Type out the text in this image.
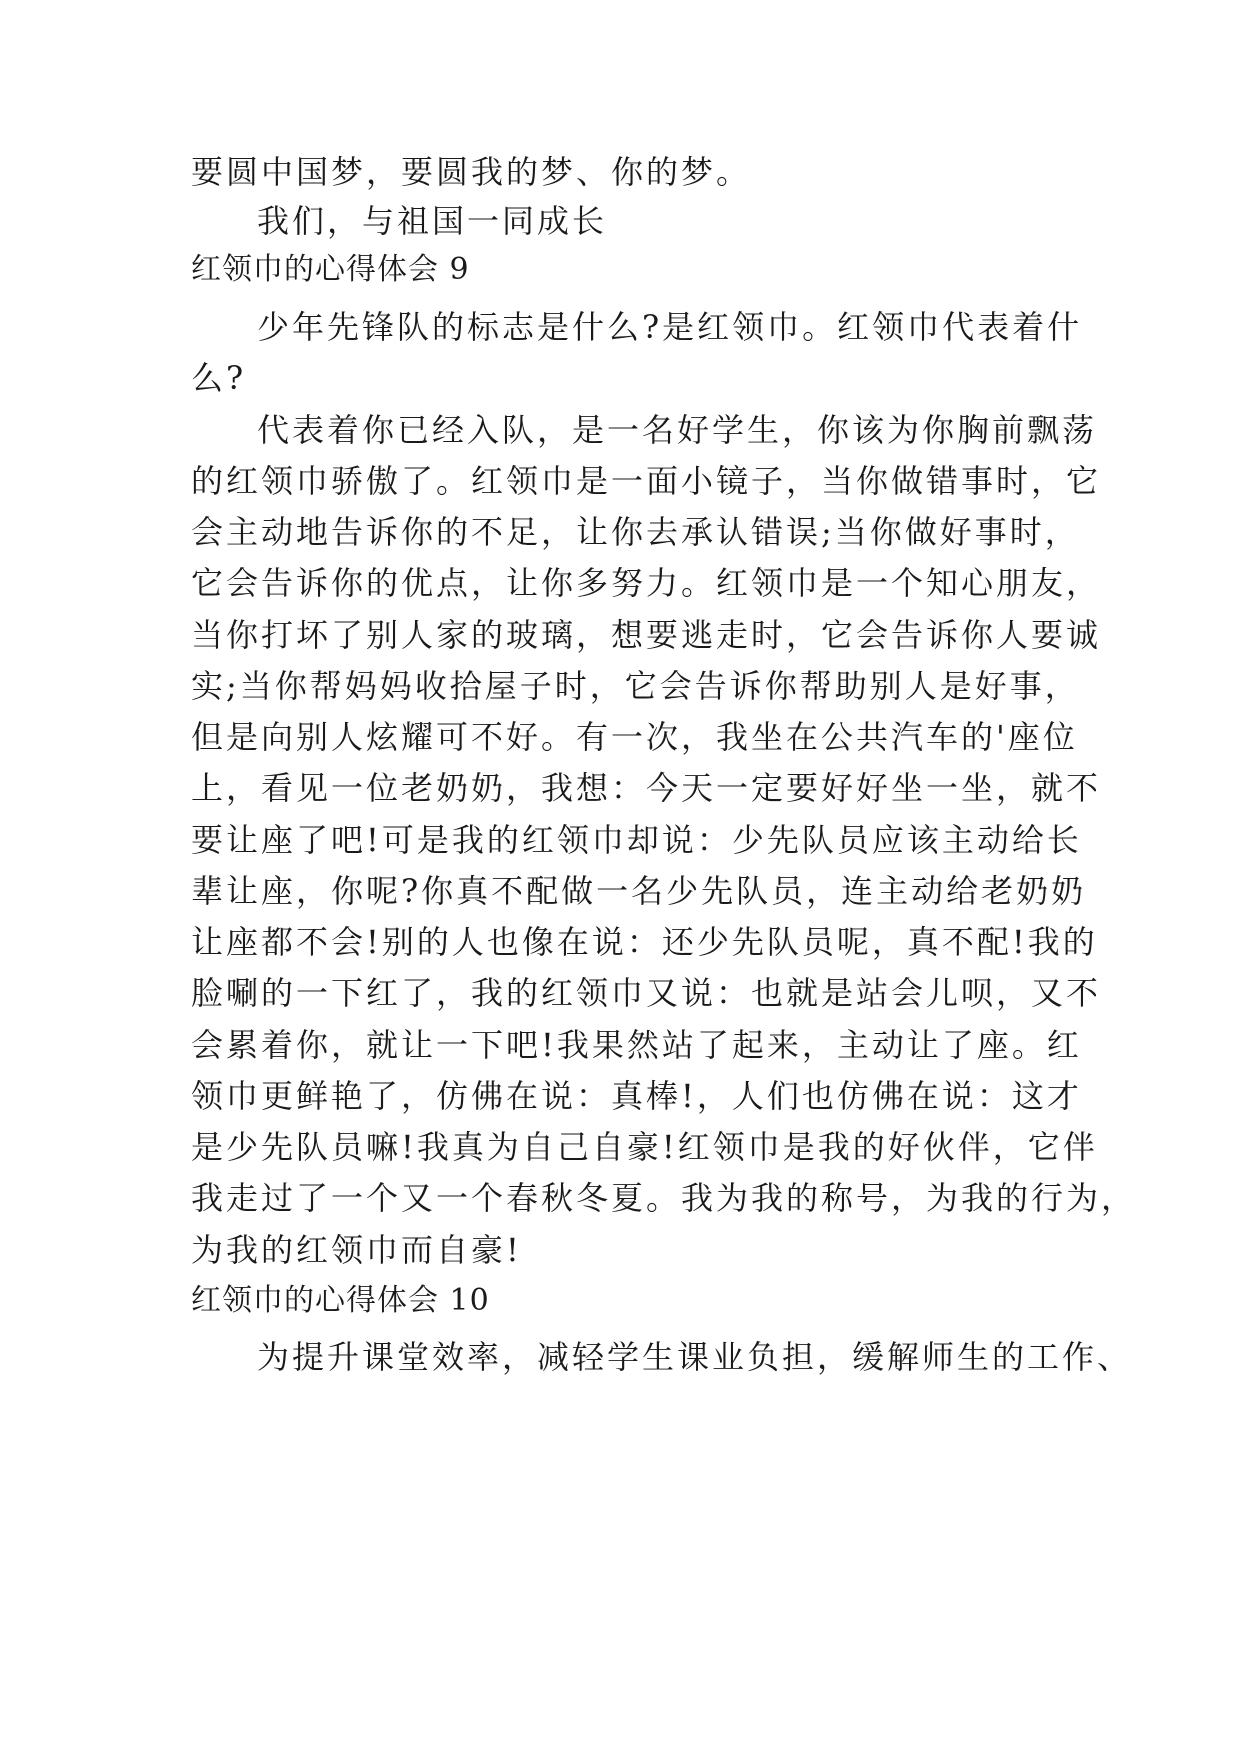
要圆中国梦，要圆我的梦、你的梦。
我们，与祖国一同成长
红领巾的心得体会 9
少年先锋队的标志是什么?是红领巾。红领巾代表着什
么?
代表着你已经入队，是一名好学生，你该为你胸前飘荡
的红领巾骄傲了。红领巾是一面小镜子，当你做错事时，它
会主动地告诉你的不足，让你去承认错误;当你做好事时，
它会告诉你的优点，让你多努力。红领巾是一个知心朋友，
当你打坏了别人家的玻璃，想要逃走时，它会告诉你人要诚
实;当你帮妈妈收拾屋子时，它会告诉你帮助别人是好事，
但是向别人炫耀可不好。有一次，我坐在公共汽车的'座位
上，看见一位老奶奶，我想：今天一定要好好坐一坐，就不
要让座了吧!可是我的红领巾却说：少先队员应该主动给长
辈让座，你呢?你真不配做一名少先队员，连主动给老奶奶
让座都不会!别的人也像在说：还少先队员呢，真不配!我的
脸唰的一下红了，我的红领巾又说：也就是站会儿呗，又不
会累着你，就让一下吧!我果然站了起来，主动让了座。红
领巾更鲜艳了，仿佛在说：真棒!，人们也仿佛在说：这才
是少先队员嘛!我真为自己自豪!红领巾是我的好伙伴，它伴
我走过了一个又一个春秋冬夏。我为我的称号，为我的行为，
为我的红领巾而自豪!
红领巾的心得体会 10
为提升课堂效率，减轻学生课业负担，缓解师生的工作、
